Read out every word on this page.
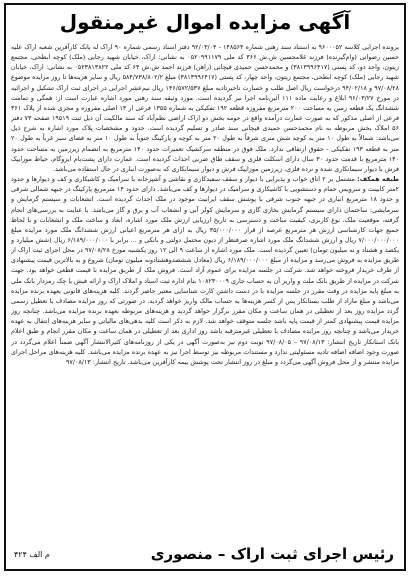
آگهی مزایده اموال غیرمنقول

پرونده اجرایی کلاسه ۹۶۰۰۰۵۲ به استناد سند رهنی شماره ۱۴۸۵۶۴ - ۹۲/۰۳/۰۴ دفتر اسناد رسمی شماره ۹۰ اراک له بانک کارآفرین شعبه اراک علیه حسین رضوانی (وام‌گیرنده) فرزند غلامحسین ش.ش ۳۶۶ کد ملی ۰۵۲۰۹۹۱۱۷۹ به نشانی: اراک، خیابان شهید رجایی (ملک) کوچه ابطحی، مجتمع زیتون، واحد دو، کد پستی (۳۸۱۳۹۹۶۴۱۷) و محمدحسن حمیدی قیچانی (راهن) فرزند احمد ش.ش ۶۴ کد ملی ۰۵۲۳۸۱۳۸۲۲ به نشانی: اراک، خیابان شهید رجایی (ملک) کوچه ابطحی، مجتمع زیتون، واحد چهار، کد پستی (۳۸۱۳۹۹۶۴۱۷) مبلغ ۵۸۴/۷۳۸/۸۰۲/۲ ریال و سایر هزینه‌ها تا روز مزایده موضوع ۹۷/۰۸/۲۸ و ۹۴/۰۲/۱۸ درخواست ریال اصل طلب و خسارت تاخیرتادیه مبلغ ۱۴۶/۵۷۲/۵۳۷ ریال نیم‌عشر اجرایی در اجرای ثبت اراک تشکیل و اجرائیه در مورخ ۹۶/۰۳/۲۷ ابلاغ و رعایت ماده ۱۱۱ آئین‌نامه اجرا نیز گردیده است. مورد وثیقه سند رهنی مورد اشاره عبارت است از: همگی و تمامت ششدانگ یک قطعه زمین به مساحت ۲۰۰ مترمربع مفروزه قطعه ۱۹۲ تفکیکی به شماره ۱۳۵۵ فرعی از ۱۴ اصلی مفروزه و مجزی شده از پلاک ۳۶۱ فرعی از اصلی مذکور که به صورت عمارت درآمده واقع در حومه بخش دو اراک اراضی نظم‌آباد که سند مالکیت آن ذیل ثبت ۱۹۵۱۹ صفحه ۷۳ دفتر ۵۶ املاک بخش مربوطه به نام محمدحسن حمیدی قیچانی سند صادر و تسلیم گردیده است. حدود و مشخصات پلاک مورد اشاره به شرح ذیل می‌باشد: شمالاً به طول ۱۰ متر به کوچه شش متری شرقاً به طول ۲۰ متر به کوچه و پارکینگ جنوباً به طول ۱۰ متر به فضای سبز غرباً به طول ۲۰ متر به قطعه ۱۹۳ تفکیکی - حقوق ارتفاقی ندارد. ملک فوق در منطقه سرکشیک تعمیرات حدود ۱۴۰ مترمربع به انضمام زیرزمین به مساحت حدود ۱۴۰ مترمربع با قدمت حدود ۳۰ سال دارای اسکلت فلزی و سقف طاق ضربی احداث گردیده است. عمارت دارای پشت‌بام ایزوگام، حیاط موزاییک فرش با دیوار سیمانکاری شده و نرده فلزی، زیرزمین موزاییک فرش و دیوار سیمانکاری که به‌صورت انباری در حال استفاده می‌باشد.

طبقه همکف: مشتمل بر ۲ اتاق خواب و پذیرایی با دیوار و سقف سفیدکاری و نقاشی و آشپزخانه با سرامیک و کاشیکاری و کف و دیوارها و حدود ۲متر کابینت و سرویس حمام و دستشویی با کاشیکاری و سرامیک در دیوارها و کف می‌باشد. دارای حدود ۱۴ مترمربع پارکینگ در جبهه شمالی شرقی و حدود ۱۸ مترمربع انباری در جبهه جنوب شرقی با پوشش سقف ایرانیت موجود در ملک احداث گردیده است. انشعابات و سیستم گرمایش و سرمایشی: ساختمان دارای سیستم گرمایش بخاری گازی و سرمایش کولر آبی و انشعاب آب و برق و گاز می‌باشد. با عنایت به بررسی‌های انجام گرفته، موقعیت ملک، نوع کاربری، کیفیت ساخت و دسترسی به تاریخ ارزیابی ارزش ملک مورد اشاره، ابعاد و ساخت ملک و انشعابات و با لحاظ جمیع جهات کارشناسی ارزش هر مترمربع عرصه از قرار ۳۵/۰۰۰/۰۰۰ ریال به ازای هر مترمربع اعیانی ارزش ششدانگ ملک مورد مزایده مبلغ ۷/۰۰۰/۰۰۰/۰۰۰ ریال و ارزش ششدانگ ملک مورد اشاره صرفنظر از دیون محتمل دولتی و بانکی و ... برابر با ۶/۱۸۹/۰۰۰/۰۰۰ ریال (شش میلیارد و یکصد و هشتاد و نه میلیون تومان) تعیین گردیده است. ملک مورد اشاره از ساعت ۹ الی ۱۲ روز یکشنبه مورخ ۹۷/۰۸/۲۸ در محل اجرای ثبت اراک از طریق مزایده به فروش می‌رسد و مزایده از مبلغ ۶/۱۸۹/۰۰۰/۰۰۰ ریال (معادل ششصدوهشتادونه میلیون تومان) شروع و به بالاترین قیمت پیشنهادی از طرف خریدار فروخته خواهد شد. شرکت در جلسه مزایده برای عموم آزاد است. فروش ملک از طریق مزایده با قیمت قطعی خواهد بود. جهت شرکت در مزایده از طریق بانک ملت و واریز آن به حساب جاری ۱۰۸۲۳۰۰۰۹ بنام اداره ثبت اسناد و املاک اراک و ارائه فیش یا چک رمزدار بانک ملی به مبلغ پایه مزایده در وقت مقرر در جلسه مزایده با در دست داشتن کارت شناسایی معتبر حاضر گردند. کلیه هزینه‌های قانونی بعهده برنده مزایده می‌باشد و مبلغ مازاد از طلب بستانکار پس از کسر هزینه‌ها به حساب مالک واریز خواهد گردید. در صورتی که روز مزایده مصادف با تعطیل رسمی گردد مزایده روز بعد از تعطیلی در همان ساعت و مکان مقرر برگزار خواهد گردید و هزینه‌های مربوطه بعهده برنده مزایده می‌باشد. چنانچه روز مزایده قیمت پیشنهادی کمتر از قیمت پایه باشد جلسه متوقف خواهد شد. لازم به ذکر است کلیه بدهی‌های مالیاتی و سایر هزینه‌های انتقال به عهده خریدار می‌باشد و چنانچه روز مزایده مصادف با تعطیلی غیرمترقبه باشد روز اداری بعد از تعطیلی در همان ساعت و مکان مقرر انجام و طبق اعلام بانک استانکار تاریخ انتشار: ۹۷/۰۸/۱۳ – ۹۷/۰۸/۰۵ نوبت دوم نیز به‌صورت آگهی در یکی از روزنامه‌های کثیرالانتشار آگهی ضمناً اعلام می‌گردد در صورت وجود اضافه اضافه تادیه مسئولیتی ندارد و مستندات مربوطه نیز توسط اجرا نیز به عهده برنده مزایده می‌باشد. کلیه هزینه‌های مراحل اجرای مزایده منتشر و از محل فروش آگهی می‌گردد و مبلغ در روز انتشار تحت پوشش بیمه کارآفرین می‌باشد. تاریخ انتشار: ۹۷/۰۸/۱۳

م الف ۴۲۴	رئیس اجرای ثبت اراک – منصوری
